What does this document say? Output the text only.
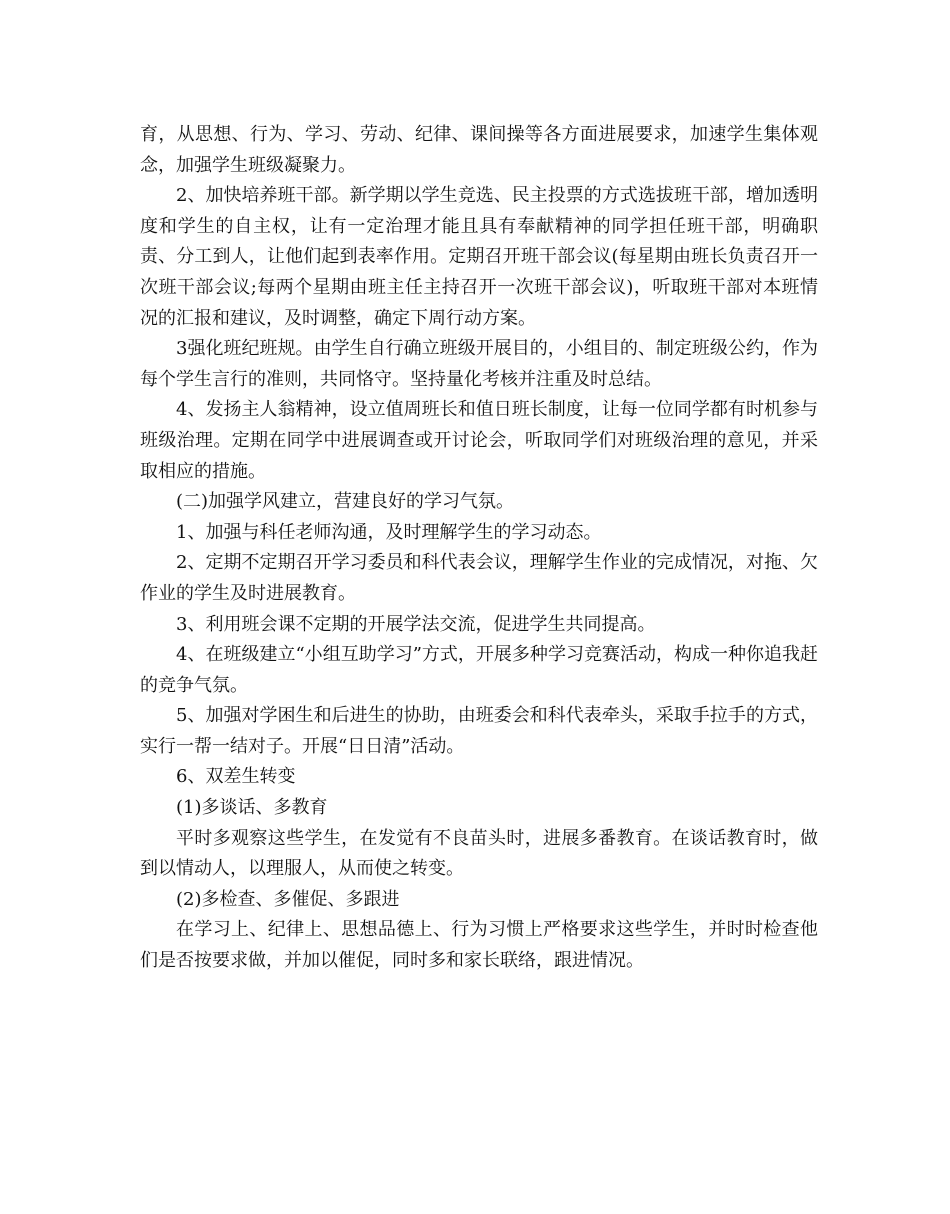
育，从思想、行为、学习、劳动、纪律、课间操等各方面进展要求，加速学生集体观念，加强学生班级凝聚力。

2、加快培养班干部。新学期以学生竞选、民主投票的方式选拔班干部，增加透明度和学生的自主权，让有一定治理才能且具有奉献精神的同学担任班干部，明确职责、分工到人，让他们起到表率作用。定期召开班干部会议(每星期由班长负责召开一次班干部会议;每两个星期由班主任主持召开一次班干部会议)，听取班干部对本班情况的汇报和建议，及时调整，确定下周行动方案。

3强化班纪班规。由学生自行确立班级开展目的，小组目的、制定班级公约，作为每个学生言行的准则，共同恪守。坚持量化考核并注重及时总结。

4、发扬主人翁精神，设立值周班长和值日班长制度，让每一位同学都有时机参与班级治理。定期在同学中进展调查或开讨论会，听取同学们对班级治理的意见，并采取相应的措施。

(二)加强学风建立，营建良好的学习气氛。

1、加强与科任老师沟通，及时理解学生的学习动态。

2、定期不定期召开学习委员和科代表会议，理解学生作业的完成情况，对拖、欠作业的学生及时进展教育。

3、利用班会课不定期的开展学法交流，促进学生共同提高。

4、在班级建立“小组互助学习”方式，开展多种学习竞赛活动，构成一种你追我赶的竞争气氛。

5、加强对学困生和后进生的协助，由班委会和科代表牵头，采取手拉手的方式，实行一帮一结对子。开展“日日清”活动。

6、双差生转变

(1)多谈话、多教育

平时多观察这些学生，在发觉有不良苗头时，进展多番教育。在谈话教育时，做到以情动人，以理服人，从而使之转变。

(2)多检查、多催促、多跟进

在学习上、纪律上、思想品德上、行为习惯上严格要求这些学生，并时时检查他们是否按要求做，并加以催促，同时多和家长联络，跟进情况。
